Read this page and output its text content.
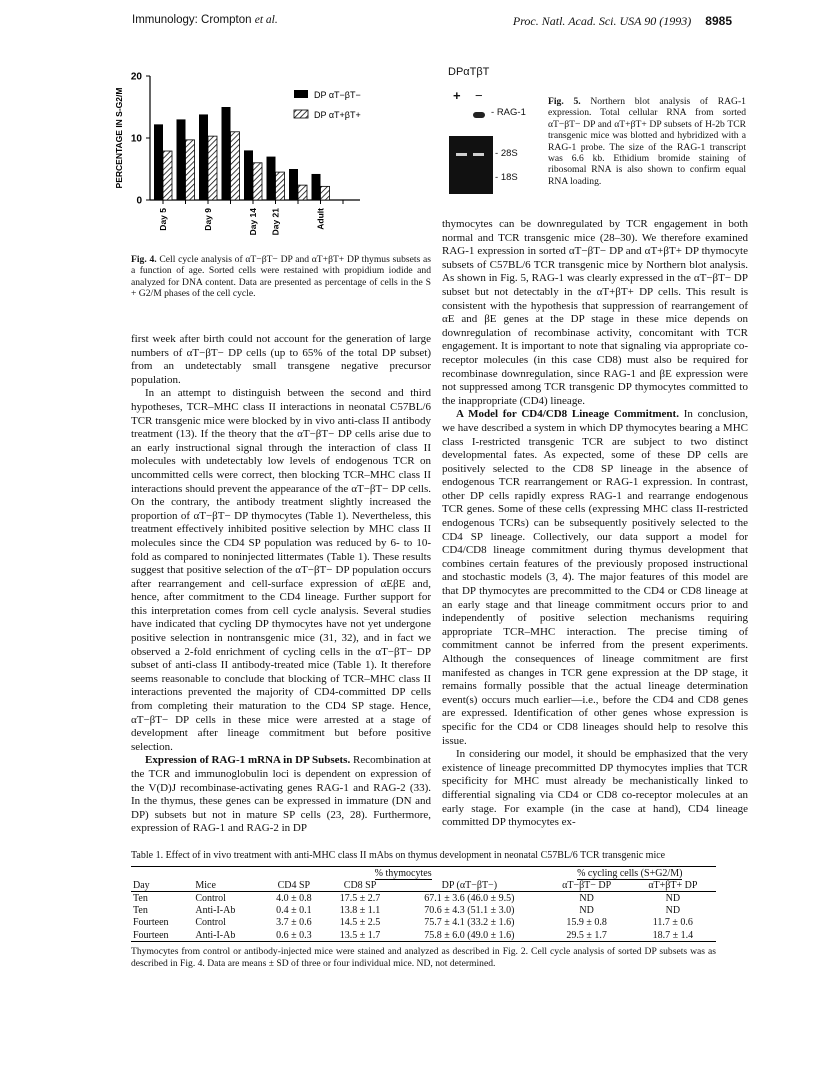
Immunology: Crompton et al.	Proc. Natl. Acad. Sci. USA 90 (1993) 8985
0
10
20
PERCENTAGE IN S-G2/M
Day 5	Day 9	Day 14 Day 21	Adult
DP αT−βT−
DP αT+βT+
Fig. 4. Cell cycle analysis of αT−βT− DP and αT+βT+ DP thymus subsets as a function of age. Sorted cells were restained with propidium iodide and analyzed for DNA content. Data are presented as percentage of cells in the S + G2/M phases of the cell cycle.
DPαTβT
+ −
- RAG-1
- 28S
- 18S
Fig. 5. Northern blot analysis of RAG-1 expression. Total cellular RNA from sorted αT−βT− DP and αT+βT+ DP subsets of H-2b TCR transgenic mice was blotted and hybridized with a RAG-1 probe. The size of the RAG-1 transcript was 6.6 kb. Ethidium bromide staining of ribosomal RNA is also shown to confirm equal RNA loading.

first week after birth could not account for the generation of large numbers of αT−βT− DP cells (up to 65% of the total DP subset) from an undetectably small transgene negative precursor population.

In an attempt to distinguish between the second and third hypotheses, TCR–MHC class II interactions in neonatal C57BL/6 TCR transgenic mice were blocked by in vivo anti-class II antibody treatment (13). If the theory that the αT−βT− DP cells arise due to an early instructional signal through the interaction of class II molecules with undetectably low levels of endogenous TCR on uncommitted cells were correct, then blocking TCR–MHC class II interactions should prevent the appearance of the αT−βT− DP cells. On the contrary, the antibody treatment slightly increased the proportion of αT−βT− DP thymocytes (Table 1). Nevertheless, this treatment effectively inhibited positive selection by MHC class II molecules since the CD4 SP population was reduced by 6- to 10-fold as compared to noninjected littermates (Table 1). These results suggest that positive selection of the αT−βT− DP population occurs after rearrangement and cell-surface expression of αEβE and, hence, after commitment to the CD4 lineage. Further support for this interpretation comes from cell cycle analysis. Several studies have indicated that cycling DP thymocytes have not yet undergone positive selection in nontransgenic mice (31, 32), and in fact we observed a 2-fold enrichment of cycling cells in the αT−βT− DP subset of anti-class II antibody-treated mice (Table 1). It therefore seems reasonable to conclude that blocking of TCR–MHC class II interactions prevented the majority of CD4-committed DP cells from completing their maturation to the CD4 SP stage. Hence, αT−βT− DP cells in these mice were arrested at a stage of development after lineage commitment but before positive selection.

Expression of RAG-1 mRNA in DP Subsets. Recombination at the TCR and immunoglobulin loci is dependent on expression of the V(D)J recombinase-activating genes RAG-1 and RAG-2 (33). In the thymus, these genes can be expressed in immature (DN and DP) subsets but not in mature SP cells (23, 28). Furthermore, expression of RAG-1 and RAG-2 in DP

thymocytes can be downregulated by TCR engagement in both normal and TCR transgenic mice (28–30). We therefore examined RAG-1 expression in sorted αT−βT− DP and αT+βT+ DP thymocyte subsets of C57BL/6 TCR transgenic mice by Northern blot analysis. As shown in Fig. 5, RAG-1 was clearly expressed in the αT−βT− DP subset but not detectably in the αT+βT+ DP cells. This result is consistent with the hypothesis that suppression of rearrangement of αE and βE genes at the DP stage in these mice depends on downregulation of recombinase activity, concomitant with TCR engagement. It is important to note that signaling via appropriate co-receptor molecules (in this case CD8) must also be required for recombinase downregulation, since RAG-1 and βE expression were not suppressed among TCR transgenic DP thymocytes committed to the inappropriate (CD4) lineage.

A Model for CD4/CD8 Lineage Commitment. In conclusion, we have described a system in which DP thymocytes bearing a MHC class I-restricted transgenic TCR are subject to two distinct developmental fates. As expected, some of these DP cells are positively selected to the CD8 SP lineage in the absence of endogenous TCR rearrangement or RAG-1 expression. In contrast, other DP cells rapidly express RAG-1 and rearrange endogenous TCR genes. Some of these cells (expressing MHC class II-restricted endogenous TCRs) can be subsequently positively selected to the CD4 SP lineage. Collectively, our data support a model for CD4/CD8 lineage commitment during thymus development that combines certain features of the previously proposed instructional and stochastic models (3, 4). The major features of this model are that DP thymocytes are precommitted to the CD4 or CD8 lineage at an early stage and that lineage commitment occurs prior to and independently of positive selection mechanisms requiring appropriate TCR–MHC interaction. The precise timing of commitment cannot be inferred from the present experiments. Although the consequences of lineage commitment are first manifested as changes in TCR gene expression at the DP stage, it remains formally possible that the actual lineage determination event(s) occurs much earlier—i.e., before the CD4 and CD8 genes are expressed. Identification of other genes whose expression is specific for the CD4 or CD8 lineages should help to resolve this issue.

In considering our model, it should be emphasized that the very existence of lineage precommitted DP thymocytes implies that TCR specificity for MHC must already be mechanistically linked to differential signaling via CD4 or CD8 co-receptor molecules at an early stage. For example (in the case at hand), CD4 lineage committed DP thymocytes ex-

Table 1. Effect of in vivo treatment with anti-MHC class II mAbs on thymus development in neonatal C57BL/6 TCR transgenic mice
		% thymocytes			% cycling cells (S+G2/M)	
Day	Mice	CD4 SP	CD8 SP	DP (αT−βT−)	αT−βT− DP	αT+βT+ DP
Ten	Control	4.0 ± 0.8	17.5 ± 2.7	67.1 ± 3.6 (46.0 ± 9.5)	ND	ND
Ten	Anti-I-Ab	0.4 ± 0.1	13.8 ± 1.1	70.6 ± 4.3 (51.1 ± 3.0)	ND	ND
Fourteen	Control	3.7 ± 0.6	14.5 ± 2.5	75.7 ± 4.1 (33.2 ± 1.6)	15.9 ± 0.8	11.7 ± 0.6
Fourteen	Anti-I-Ab	0.6 ± 0.3	13.5 ± 1.7	75.8 ± 6.0 (49.0 ± 1.6)	29.5 ± 1.7	18.7 ± 1.4
Thymocytes from control or antibody-injected mice were stained and analyzed as described in Fig. 2. Cell cycle analysis of sorted DP subsets was as described in Fig. 4. Data are means ± SD of three or four individual mice. ND, not determined.
